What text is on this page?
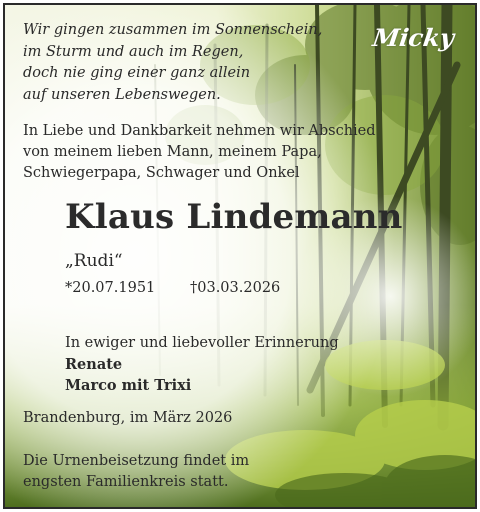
Micky
Wir gingen zusammen im Sonnenschein,
im Sturm und auch im Regen,
doch nie ging einer ganz allein
auf unseren Lebenswegen.
In Liebe und Dankbarkeit nehmen wir Abschied
von meinem lieben Mann, meinem Papa,
Schwiegerpapa, Schwager und Onkel
Klaus Lindemann
„Rudi“
*20.07.1951 †03.03.2026
In ewiger und liebevoller Erinnerung
Renate
Marco mit Trixi
Brandenburg, im März 2026
Die Urnenbeisetzung findet im
engsten Familienkreis statt.
